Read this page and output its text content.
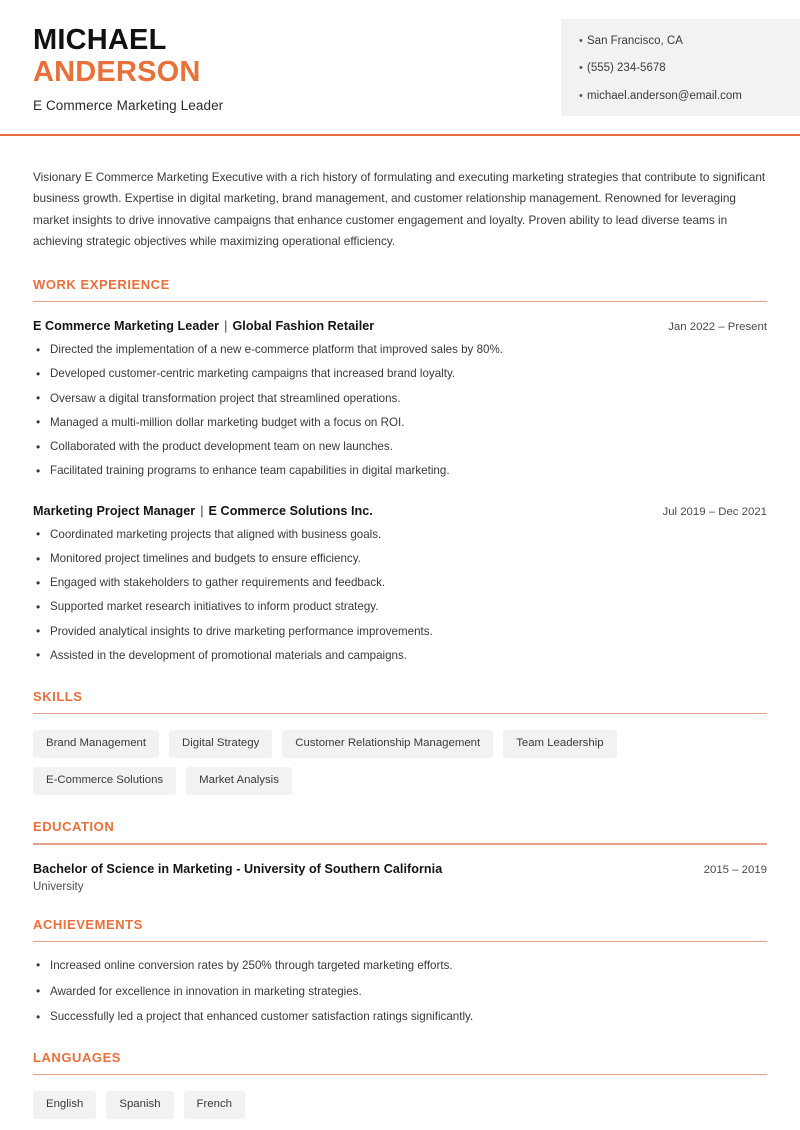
MICHAEL
ANDERSON
E Commerce Marketing Leader
• San Francisco, CA
• (555) 234-5678
• michael.anderson@email.com

Visionary E Commerce Marketing Executive with a rich history of formulating and executing marketing strategies that contribute to significant business growth. Expertise in digital marketing, brand management, and customer relationship management. Renowned for leveraging market insights to drive innovative campaigns that enhance customer engagement and loyalty. Proven ability to lead diverse teams in achieving strategic objectives while maximizing operational efficiency.

WORK EXPERIENCE
E Commerce Marketing Leader | Global Fashion Retailer	Jan 2022 – Present
• Directed the implementation of a new e-commerce platform that improved sales by 80%.
• Developed customer-centric marketing campaigns that increased brand loyalty.
• Oversaw a digital transformation project that streamlined operations.
• Managed a multi-million dollar marketing budget with a focus on ROI.
• Collaborated with the product development team on new launches.
• Facilitated training programs to enhance team capabilities in digital marketing.
Marketing Project Manager | E Commerce Solutions Inc.	Jul 2019 – Dec 2021
• Coordinated marketing projects that aligned with business goals.
• Monitored project timelines and budgets to ensure efficiency.
• Engaged with stakeholders to gather requirements and feedback.
• Supported market research initiatives to inform product strategy.
• Provided analytical insights to drive marketing performance improvements.
• Assisted in the development of promotional materials and campaigns.
SKILLS
Brand Management	Digital Strategy	Customer Relationship Management	Team Leadership
E-Commerce Solutions	Market Analysis
EDUCATION
Bachelor of Science in Marketing - University of Southern California	2015 – 2019
University
ACHIEVEMENTS
• Increased online conversion rates by 250% through targeted marketing efforts.
• Awarded for excellence in innovation in marketing strategies.
• Successfully led a project that enhanced customer satisfaction ratings significantly.
LANGUAGES
English	Spanish	French
